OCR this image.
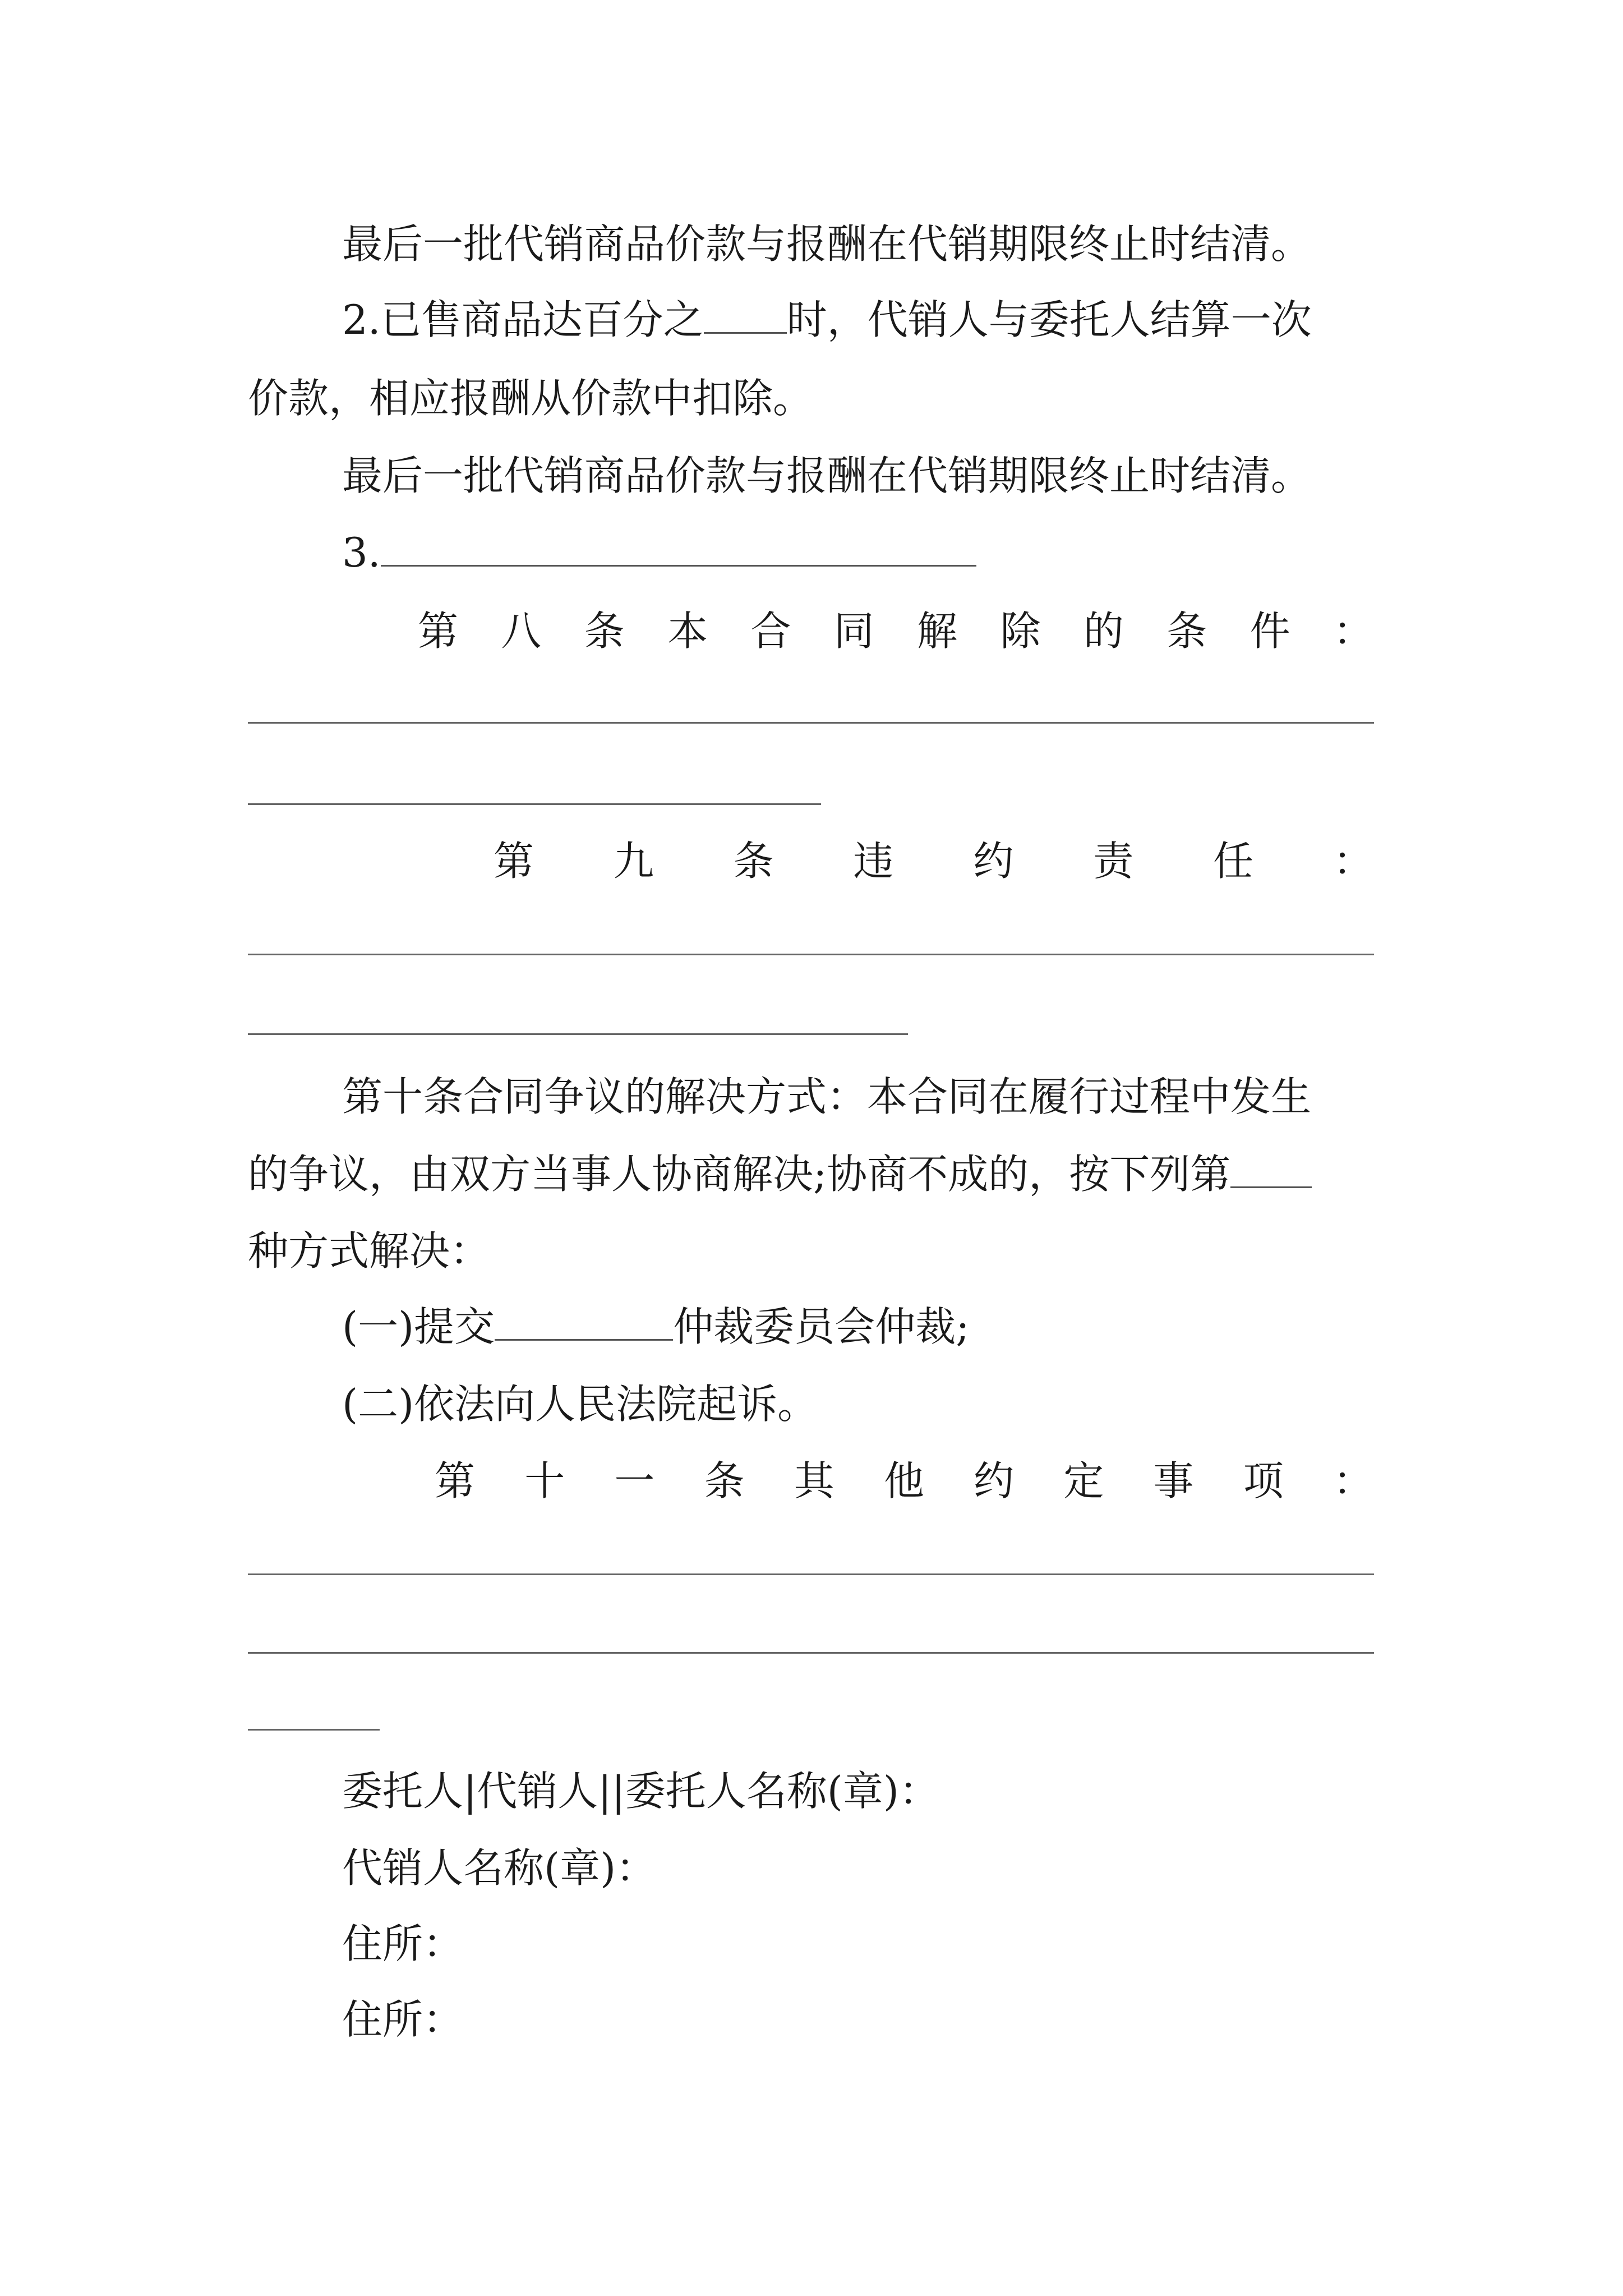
最后一批代销商品价款与报酬在代销期限终止时结清。
2.已售商品达百分之 时，代销人与委托人结算一次
价款，相应报酬从价款中扣除。
最后一批代销商品价款与报酬在代销期限终止时结清。
3.
第 八 条 本 合 同 解 除 的 条 件 ：
第 九 条 违 约 责 任 ：
第十条合同争议的解决方式：本合同在履行过程中发生
的争议，由双方当事人协商解决;协商不成的，按下列第
种方式解决：
(一)提交	仲裁委员会仲裁;
(二)依法向人民法院起诉。
第 十 一 条 其 他 约 定 事 项 ：
委托人|代销人||委托人名称(章)：
代销人名称(章)：
住所：
住所：
